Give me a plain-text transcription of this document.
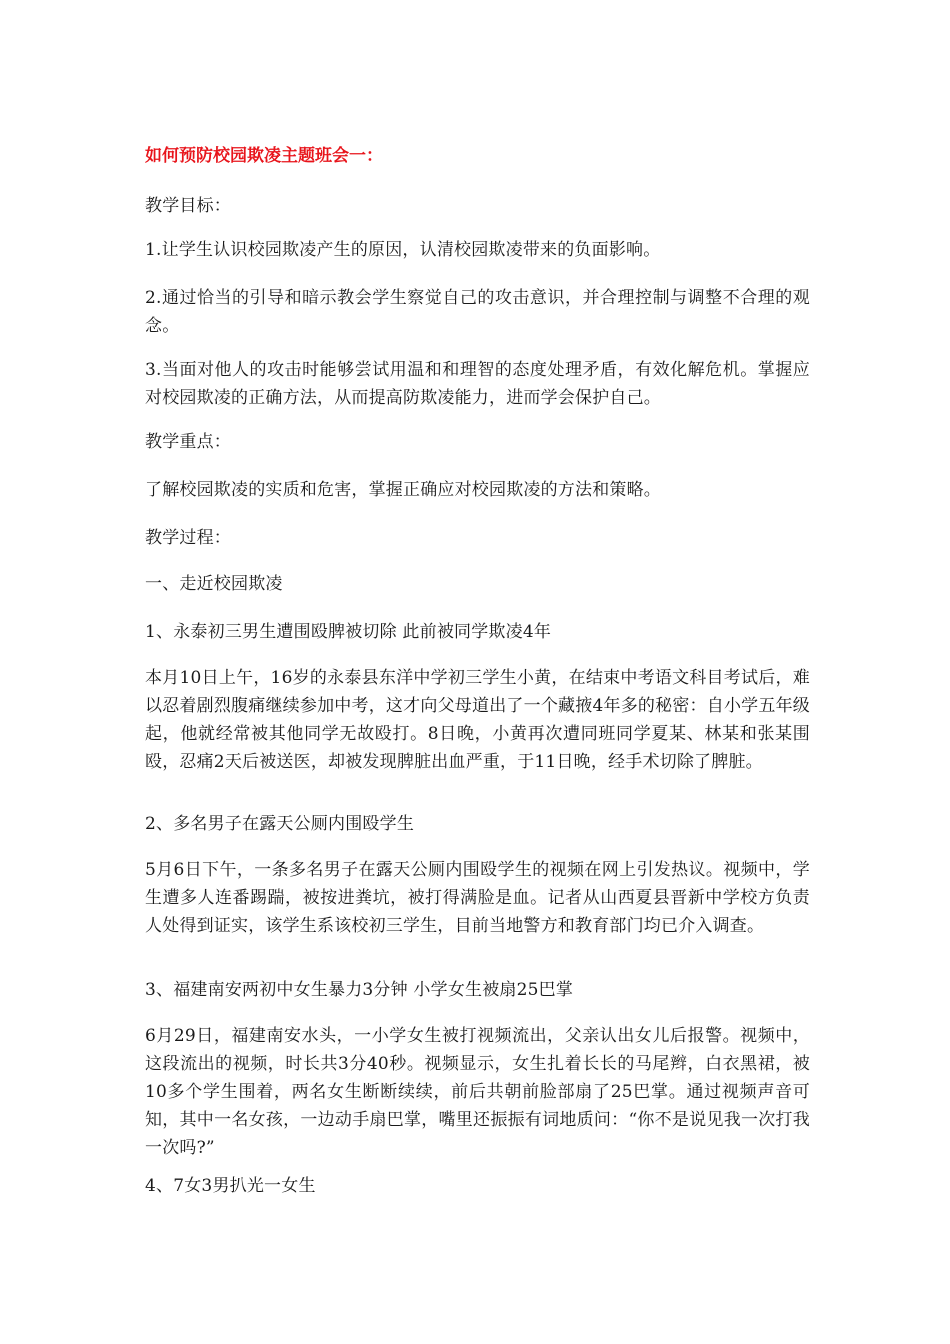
如何预防校园欺凌主题班会一：

教学目标：

1.让学生认识校园欺凌产生的原因，认清校园欺凌带来的负面影响。

2.通过恰当的引导和暗示教会学生察觉自己的攻击意识，并合理控制与调整不合理的观念。

3.当面对他人的攻击时能够尝试用温和和理智的态度处理矛盾，有效化解危机。掌握应对校园欺凌的正确方法，从而提高防欺凌能力，进而学会保护自己。

教学重点：

了解校园欺凌的实质和危害，掌握正确应对校园欺凌的方法和策略。

教学过程：

一、走近校园欺凌

1、永泰初三男生遭围殴脾被切除 此前被同学欺凌4年

本月10日上午，16岁的永泰县东洋中学初三学生小黄，在结束中考语文科目考试后，难以忍着剧烈腹痛继续参加中考，这才向父母道出了一个藏掖4年多的秘密：自小学五年级起，他就经常被其他同学无故殴打。8日晚，小黄再次遭同班同学夏某、林某和张某围殴，忍痛2天后被送医，却被发现脾脏出血严重，于11日晚，经手术切除了脾脏。

2、多名男子在露天公厕内围殴学生

5月6日下午，一条多名男子在露天公厕内围殴学生的视频在网上引发热议。视频中，学生遭多人连番踢踹，被按进粪坑，被打得满脸是血。记者从山西夏县晋新中学校方负责人处得到证实，该学生系该校初三学生，目前当地警方和教育部门均已介入调查。

3、福建南安两初中女生暴力3分钟 小学女生被扇25巴掌

6月29日，福建南安水头，一小学女生被打视频流出，父亲认出女儿后报警。视频中，这段流出的视频，时长共3分40秒。视频显示，女生扎着长长的马尾辫，白衣黑裙，被10多个学生围着，两名女生断断续续，前后共朝前脸部扇了25巴掌。通过视频声音可知，其中一名女孩，一边动手扇巴掌，嘴里还振振有词地质问：“你不是说见我一次打我一次吗?”

4、7女3男扒光一女生
